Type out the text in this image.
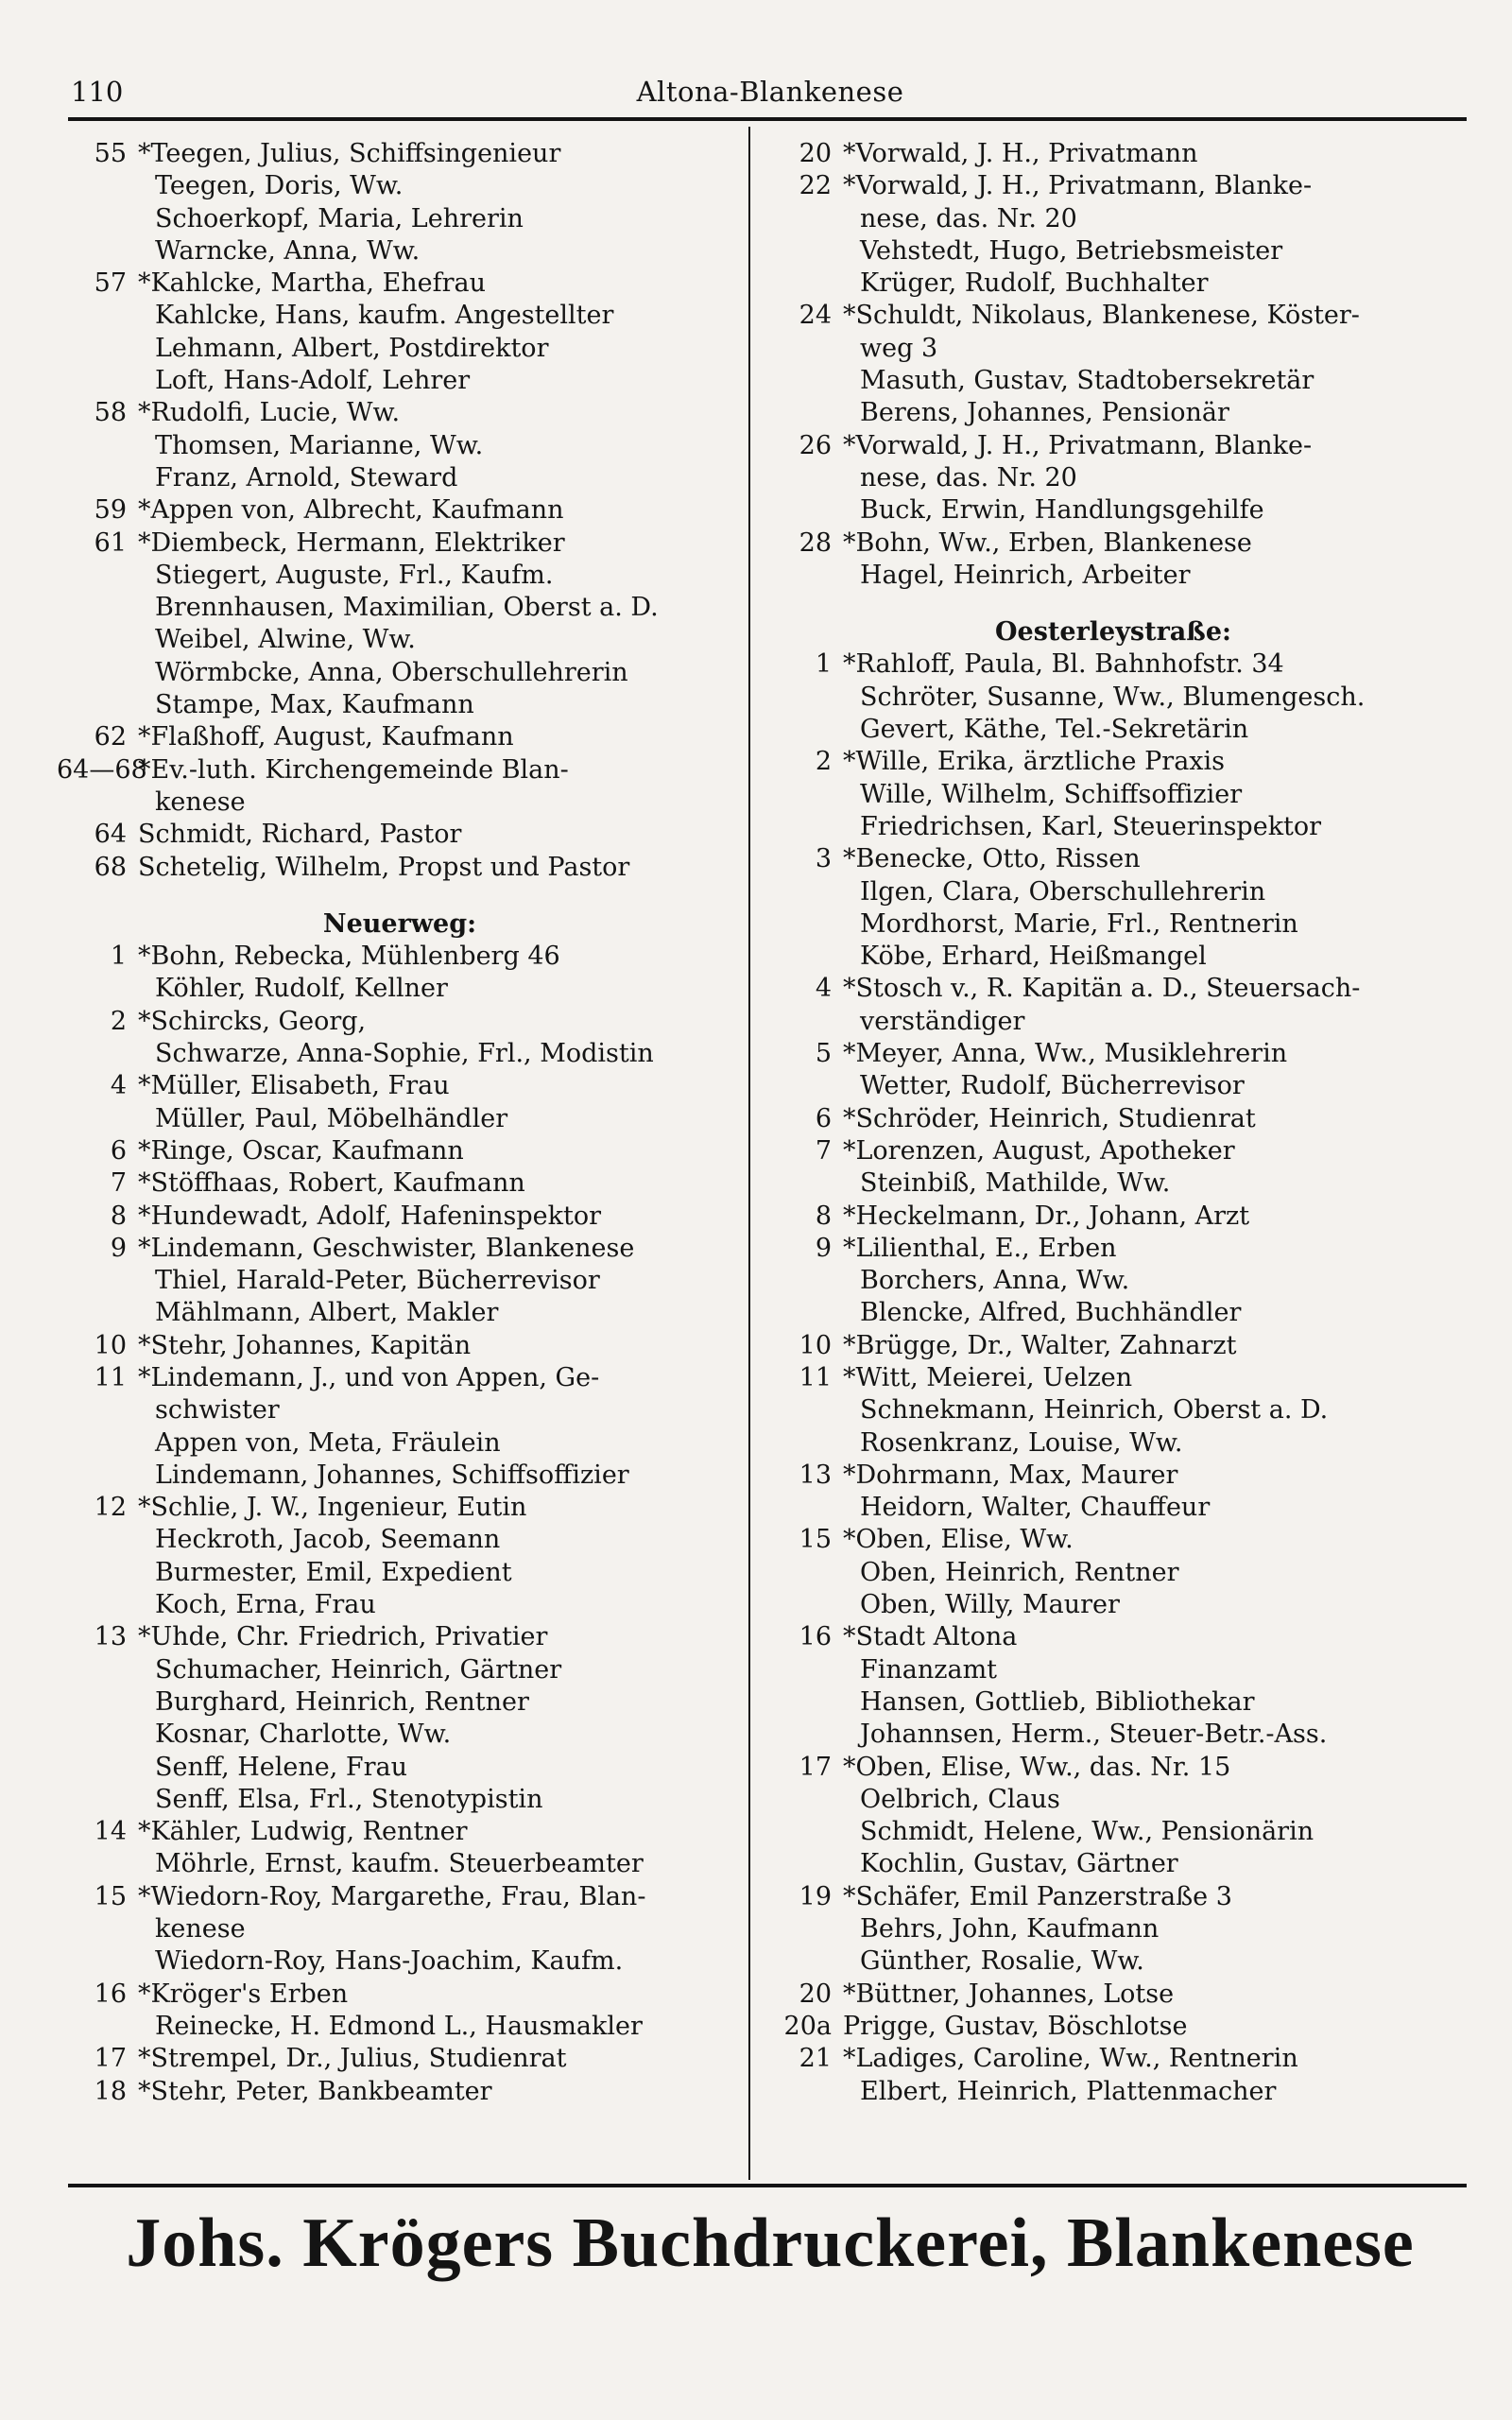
110	Altona-Blankenese
55 *Teegen, Julius, Schiffsingenieur
Teegen, Doris, Ww.
Schoerkopf, Maria, Lehrerin
Warncke, Anna, Ww.
57 *Kahlcke, Martha, Ehefrau
Kahlcke, Hans, kaufm. Angestellter
Lehmann, Albert, Postdirektor
Loft, Hans-Adolf, Lehrer
58 *Rudolfi, Lucie, Ww.
Thomsen, Marianne, Ww.
Franz, Arnold, Steward
59 *Appen von, Albrecht, Kaufmann
61 *Diembeck, Hermann, Elektriker
Stiegert, Auguste, Frl., Kaufm.
Brennhausen, Maximilian, Oberst a. D.
Weibel, Alwine, Ww.
Wörmbcke, Anna, Oberschullehrerin
Stampe, Max, Kaufmann
62 *Flaßhoff, August, Kaufmann
64—68
*Ev.-luth. Kirchengemeinde Blan-
kenese
64 Schmidt, Richard, Pastor
68 Schetelig, Wilhelm, Propst und Pastor
Neuerweg:
1 *Bohn, Rebecka, Mühlenberg 46
Köhler, Rudolf, Kellner
2 *Schircks, Georg,
Schwarze, Anna-Sophie, Frl., Modistin
4 *Müller, Elisabeth, Frau
Müller, Paul, Möbelhändler
6 *Ringe, Oscar, Kaufmann
7 *Stöffhaas, Robert, Kaufmann
8 *Hundewadt, Adolf, Hafeninspektor
9 *Lindemann, Geschwister, Blankenese
Thiel, Harald-Peter, Bücherrevisor
Mählmann, Albert, Makler
10 *Stehr, Johannes, Kapitän
11 *Lindemann, J., und von Appen, Ge-
schwister
Appen von, Meta, Fräulein
Lindemann, Johannes, Schiffsoffizier
12 *Schlie, J. W., Ingenieur, Eutin
Heckroth, Jacob, Seemann
Burmester, Emil, Expedient
Koch, Erna, Frau
13 *Uhde, Chr. Friedrich, Privatier
Schumacher, Heinrich, Gärtner
Burghard, Heinrich, Rentner
Kosnar, Charlotte, Ww.
Senff, Helene, Frau
Senff, Elsa, Frl., Stenotypistin
14 *Kähler, Ludwig, Rentner
Möhrle, Ernst, kaufm. Steuerbeamter
15 *Wiedorn-Roy, Margarethe, Frau, Blan-
kenese
Wiedorn-Roy, Hans-Joachim, Kaufm.
16 *Kröger's Erben
Reinecke, H. Edmond L., Hausmakler
17 *Strempel, Dr., Julius, Studienrat
18 *Stehr, Peter, Bankbeamter
20 *Vorwald, J. H., Privatmann
22 *Vorwald, J. H., Privatmann, Blanke-
nese, das. Nr. 20
Vehstedt, Hugo, Betriebsmeister
Krüger, Rudolf, Buchhalter
24 *Schuldt, Nikolaus, Blankenese, Köster-
weg 3
Masuth, Gustav, Stadtobersekretär
Berens, Johannes, Pensionär
26 *Vorwald, J. H., Privatmann, Blanke-
nese, das. Nr. 20
Buck, Erwin, Handlungsgehilfe
28 *Bohn, Ww., Erben, Blankenese
Hagel, Heinrich, Arbeiter
Oesterleystraße:
1 *Rahloff, Paula, Bl. Bahnhofstr. 34
Schröter, Susanne, Ww., Blumengesch.
Gevert, Käthe, Tel.-Sekretärin
2 *Wille, Erika, ärztliche Praxis
Wille, Wilhelm, Schiffsoffizier
Friedrichsen, Karl, Steuerinspektor
3 *Benecke, Otto, Rissen
Ilgen, Clara, Oberschullehrerin
Mordhorst, Marie, Frl., Rentnerin
Köbe, Erhard, Heißmangel
4 *Stosch v., R. Kapitän a. D., Steuersach-
verständiger
5 *Meyer, Anna, Ww., Musiklehrerin
Wetter, Rudolf, Bücherrevisor
6 *Schröder, Heinrich, Studienrat
7 *Lorenzen, August, Apotheker
Steinbiß, Mathilde, Ww.
8 *Heckelmann, Dr., Johann, Arzt
9 *Lilienthal, E., Erben
Borchers, Anna, Ww.
Blencke, Alfred, Buchhändler
10 *Brügge, Dr., Walter, Zahnarzt
11 *Witt, Meierei, Uelzen
Schnekmann, Heinrich, Oberst a. D.
Rosenkranz, Louise, Ww.
13 *Dohrmann, Max, Maurer
Heidorn, Walter, Chauffeur
15 *Oben, Elise, Ww.
Oben, Heinrich, Rentner
Oben, Willy, Maurer
16 *Stadt Altona
Finanzamt
Hansen, Gottlieb, Bibliothekar
Johannsen, Herm., Steuer-Betr.-Ass.
17 *Oben, Elise, Ww., das. Nr. 15
Oelbrich, Claus
Schmidt, Helene, Ww., Pensionärin
Kochlin, Gustav, Gärtner
19 *Schäfer, Emil Panzerstraße 3
Behrs, John, Kaufmann
Günther, Rosalie, Ww.
20 *Büttner, Johannes, Lotse
20a Prigge, Gustav, Böschlotse
21 *Ladiges, Caroline, Ww., Rentnerin
Elbert, Heinrich, Plattenmacher
Johs. Krögers Buchdruckerei, Blankenese
